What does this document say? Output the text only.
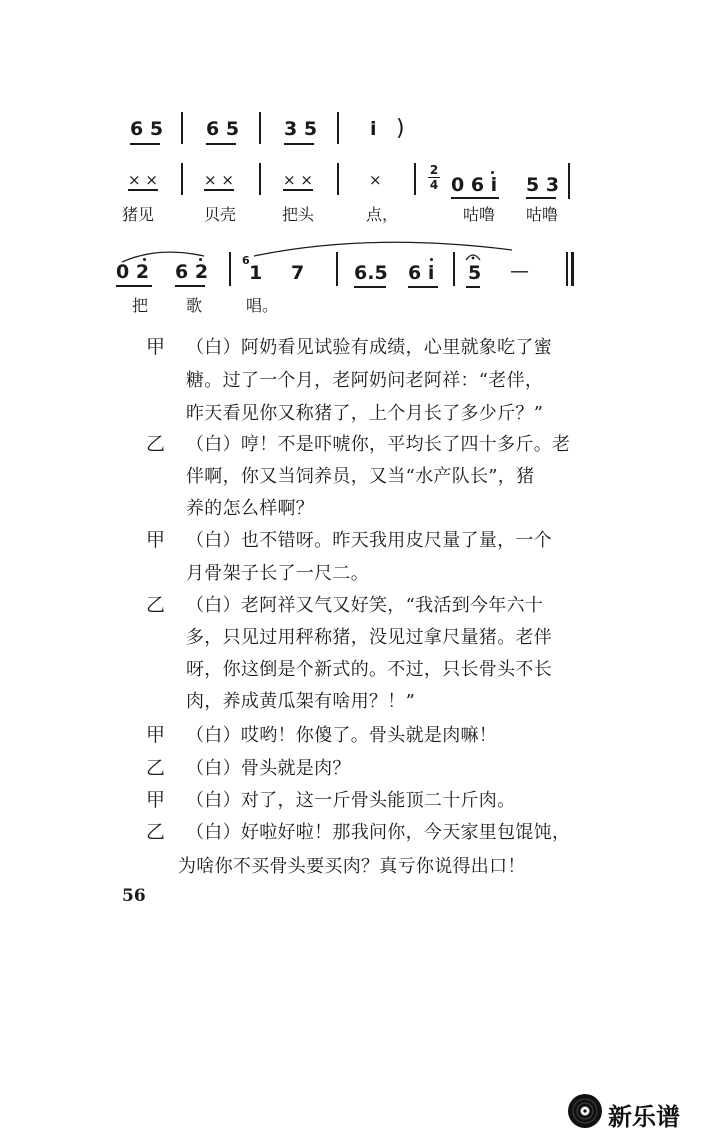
6 5 6 5 3 5	i )
× ×	× ×	× ×	×
2
4 0 6 i 5 3
猪见	贝壳	把头	点，	咕噜 咕噜
0 2 6 2
6
1 7	6.5 6 i 5 —
把 歌	唱。
甲 （白）阿奶看见试验有成绩，心里就象吃了蜜
糖。过了一个月，老阿奶问老阿祥：“老伴，
昨天看见你又称猪了，上个月长了多少斤？”
乙 （白）哼！不是吓唬你，平均长了四十多斤。老
伴啊，你又当饲养员，又当“水产队长”，猪
养的怎么样啊？
甲 （白）也不错呀。昨天我用皮尺量了量，一个
月骨架子长了一尺二。
乙 （白）老阿祥又气又好笑，“我活到今年六十
多，只见过用秤称猪，没见过拿尺量猪。老伴
呀，你这倒是个新式的。不过，只长骨头不长
肉，养成黄瓜架有啥用？！”
甲 （白）哎哟！你傻了。骨头就是肉嘛！
乙 （白）骨头就是肉？
甲 （白）对了，这一斤骨头能顶二十斤肉。
乙 （白）好啦好啦！那我问你，今天家里包馄饨，
为啥你不买骨头要买肉？真亏你说得出口！
56
新乐谱
